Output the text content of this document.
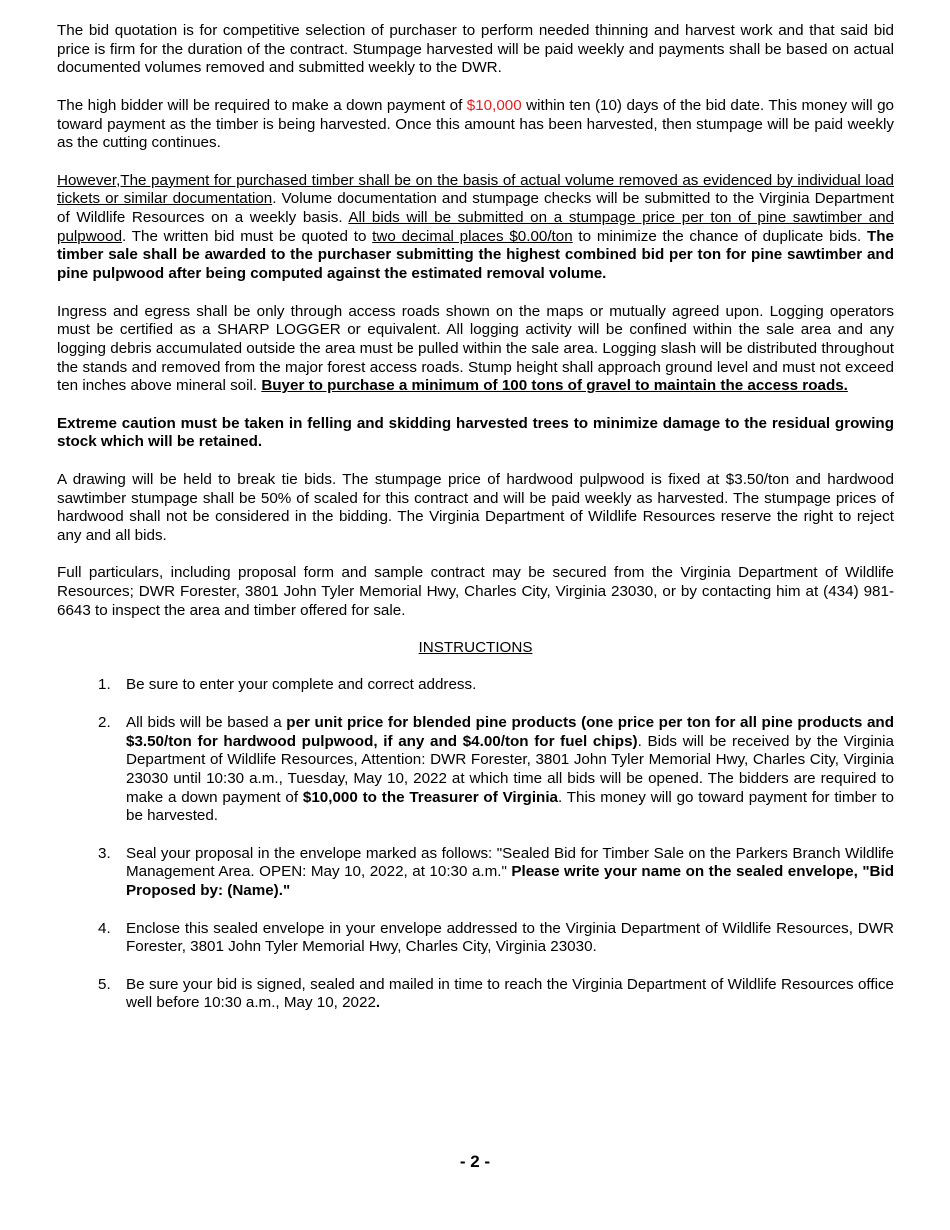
The bid quotation is for competitive selection of purchaser to perform needed thinning and harvest work and that said bid price is firm for the duration of the contract. Stumpage harvested will be paid weekly and payments shall be based on actual documented volumes removed and submitted weekly to the DWR.

The high bidder will be required to make a down payment of $10,000 within ten (10) days of the bid date. This money will go toward payment as the timber is being harvested. Once this amount has been harvested, then stumpage will be paid weekly as the cutting continues.

However,The payment for purchased timber shall be on the basis of actual volume removed as evidenced by individual load tickets or similar documentation. Volume documentation and stumpage checks will be submitted to the Virginia Department of Wildlife Resources on a weekly basis. All bids will be submitted on a stumpage price per ton of pine sawtimber and pulpwood. The written bid must be quoted to two decimal places $0.00/ton to minimize the chance of duplicate bids. The timber sale shall be awarded to the purchaser submitting the highest combined bid per ton for pine sawtimber and pine pulpwood after being computed against the estimated removal volume.

Ingress and egress shall be only through access roads shown on the maps or mutually agreed upon. Logging operators must be certified as a SHARP LOGGER or equivalent. All logging activity will be confined within the sale area and any logging debris accumulated outside the area must be pulled within the sale area. Logging slash will be distributed throughout the stands and removed from the major forest access roads. Stump height shall approach ground level and must not exceed ten inches above mineral soil. Buyer to purchase a minimum of 100 tons of gravel to maintain the access roads.

Extreme caution must be taken in felling and skidding harvested trees to minimize damage to the residual growing stock which will be retained.

A drawing will be held to break tie bids. The stumpage price of hardwood pulpwood is fixed at $3.50/ton and hardwood sawtimber stumpage shall be 50% of scaled for this contract and will be paid weekly as harvested. The stumpage prices of hardwood shall not be considered in the bidding. The Virginia Department of Wildlife Resources reserve the right to reject any and all bids.

Full particulars, including proposal form and sample contract may be secured from the Virginia Department of Wildlife Resources; DWR Forester, 3801 John Tyler Memorial Hwy, Charles City, Virginia 23030, or by contacting him at (434) 981-6643 to inspect the area and timber offered for sale.

INSTRUCTIONS
1. Be sure to enter your complete and correct address.
2. All bids will be based a per unit price for blended pine products (one price per ton for all pine products and $3.50/ton for hardwood pulpwood, if any and $4.00/ton for fuel chips). Bids will be received by the Virginia Department of Wildlife Resources, Attention: DWR Forester, 3801 John Tyler Memorial Hwy, Charles City, Virginia 23030 until 10:30 a.m., Tuesday, May 10, 2022 at which time all bids will be opened. The bidders are required to make a down payment of $10,000 to the Treasurer of Virginia. This money will go toward payment for timber to be harvested.
3. Seal your proposal in the envelope marked as follows: "Sealed Bid for Timber Sale on the Parkers Branch Wildlife Management Area. OPEN: May 10, 2022, at 10:30 a.m." Please write your name on the sealed envelope, "Bid Proposed by: (Name)."
4. Enclose this sealed envelope in your envelope addressed to the Virginia Department of Wildlife Resources, DWR Forester, 3801 John Tyler Memorial Hwy, Charles City, Virginia 23030.
5. Be sure your bid is signed, sealed and mailed in time to reach the Virginia Department of Wildlife Resources office well before 10:30 a.m., May 10, 2022.
- 2 -
